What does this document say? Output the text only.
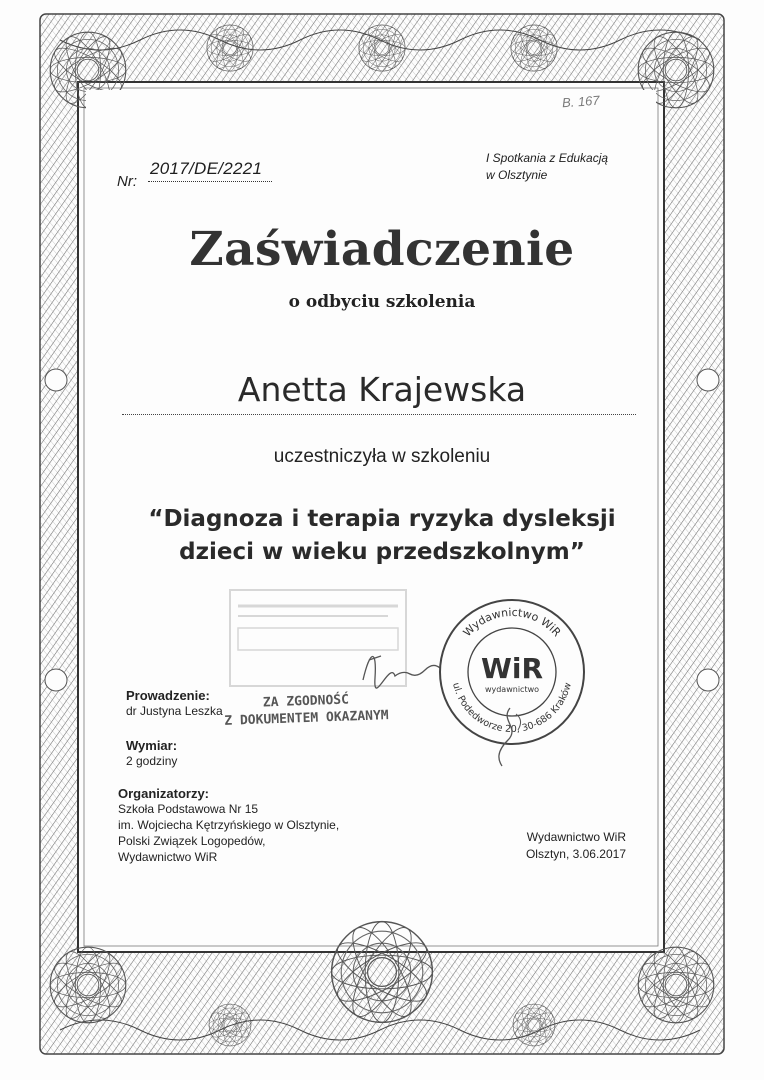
B. 167
Nr:
2017/DE/2221
I Spotkania z Edukacją
w Olsztynie
Zaświadczenie
o odbyciu szkolenia
Anetta Krajewska
uczestniczyła w szkoleniu
“Diagnoza i terapia ryzyka dysleksji
dzieci w wieku przedszkolnym”
ZA ZGODNOŚĆ
Z DOKUMENTEM OKAZANYM
Wydawnictwo WiR
ul. Podedworze 20, 30-686 Kraków
WiR
wydawnictwo
Prowadzenie:
dr Justyna Leszka
Wymiar:
2 godziny
Organizatorzy:
Szkoła Podstawowa Nr 15
im. Wojciecha Kętrzyńskiego w Olsztynie,
Polski Związek Logopedów,
Wydawnictwo WiR
Wydawnictwo WiR
Olsztyn, 3.06.2017
